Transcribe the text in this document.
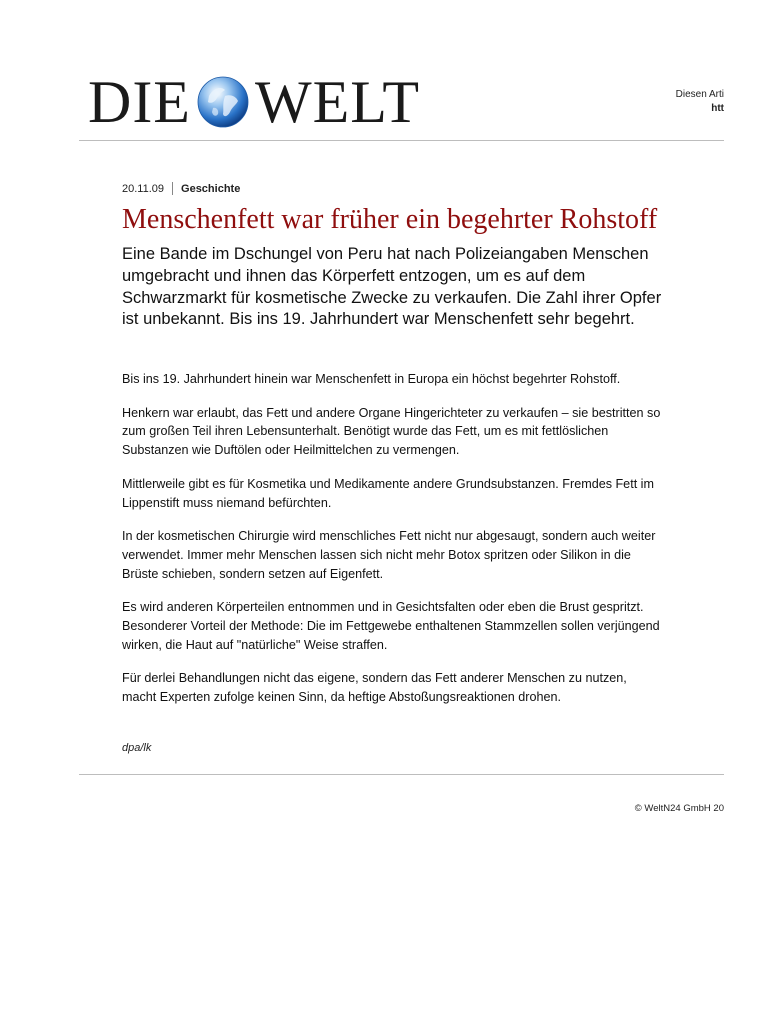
DIE WELT	Diesen Arti
htt
20.11.09 Geschichte
Menschenfett war früher ein begehrter Rohstoff

Eine Bande im Dschungel von Peru hat nach Polizeiangaben Menschen umgebracht und ihnen das Körperfett entzogen, um es auf dem Schwarzmarkt für kosmetische Zwecke zu verkaufen. Die Zahl ihrer Opfer ist unbekannt. Bis ins 19. Jahrhundert war Menschenfett sehr begehrt.

Bis ins 19. Jahrhundert hinein war Menschenfett in Europa ein höchst begehrter Rohstoff.

Henkern war erlaubt, das Fett und andere Organe Hingerichteter zu verkaufen – sie bestritten so zum großen Teil ihren Lebensunterhalt. Benötigt wurde das Fett, um es mit fettlöslichen Substanzen wie Duftölen oder Heilmittelchen zu vermengen.

Mittlerweile gibt es für Kosmetika und Medikamente andere Grundsubstanzen. Fremdes Fett im Lippenstift muss niemand befürchten.

In der kosmetischen Chirurgie wird menschliches Fett nicht nur abgesaugt, sondern auch weiter verwendet. Immer mehr Menschen lassen sich nicht mehr Botox spritzen oder Silikon in die Brüste schieben, sondern setzen auf Eigenfett.

Es wird anderen Körperteilen entnommen und in Gesichtsfalten oder eben die Brust gespritzt. Besonderer Vorteil der Methode: Die im Fettgewebe enthaltenen Stammzellen sollen verjüngend wirken, die Haut auf "natürliche" Weise straffen.

Für derlei Behandlungen nicht das eigene, sondern das Fett anderer Menschen zu nutzen, macht Experten zufolge keinen Sinn, da heftige Abstoßungsreaktionen drohen.

dpa/lk
© WeltN24 GmbH 20
